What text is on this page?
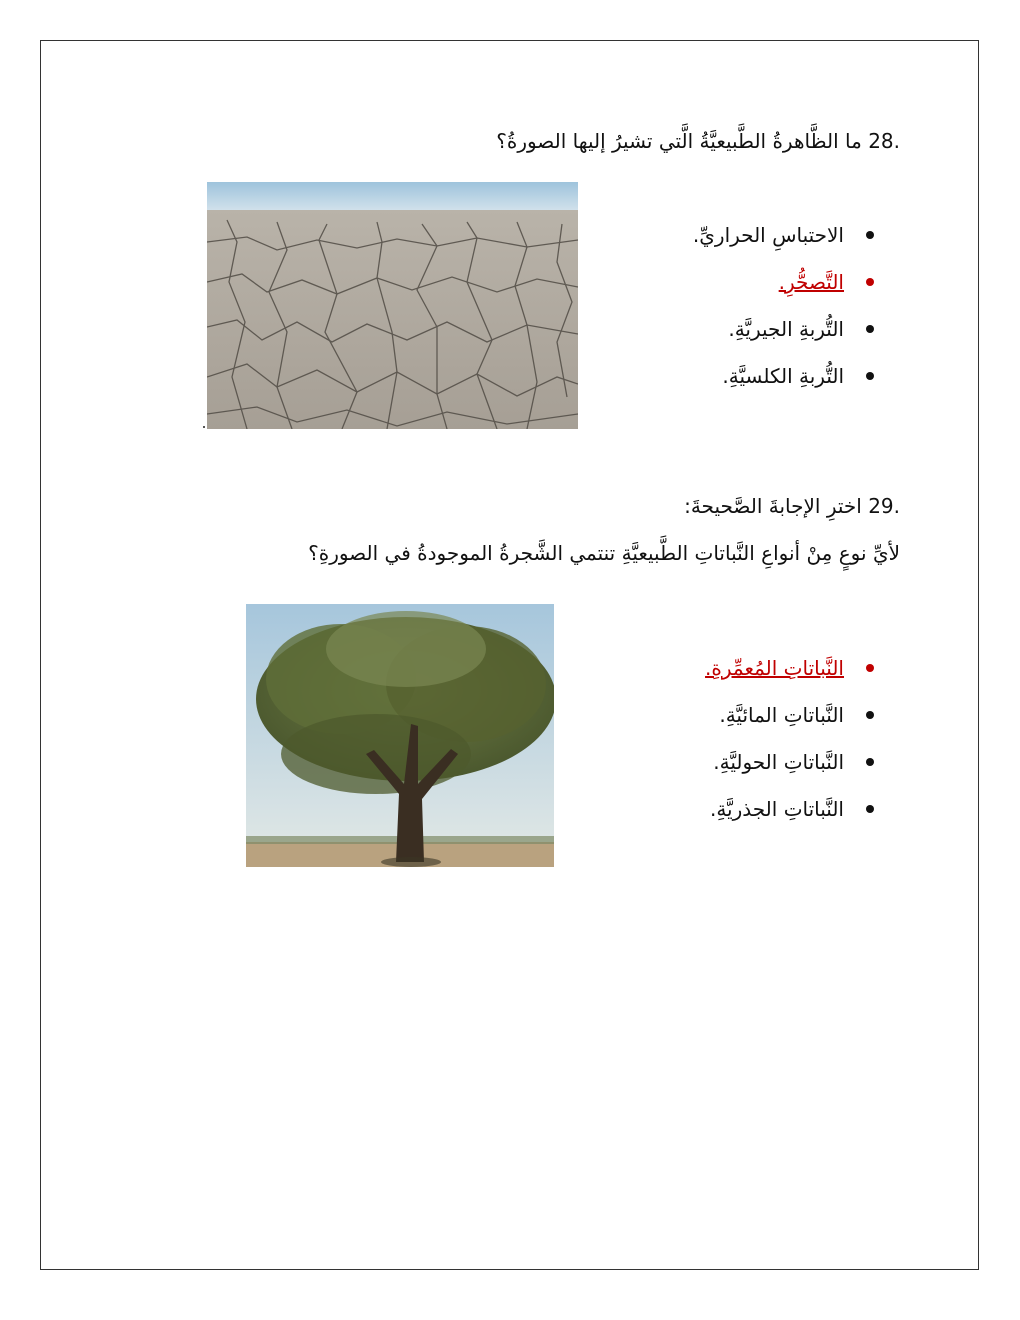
28. ما الظَّاهرةُ الطَّبيعيَّةُ الَّتي تشيرُ إليها الصورةُ؟
الاحتباسِ الحراريِّ.
التَّصحُّرِ.
التُّربةِ الجيريَّةِ.
التُّربةِ الكلسيَّةِ.
29. اخترِ الإجابةَ الصَّحيحةَ:
لأيِّ نوعٍ مِنْ أنواعِ النَّباتاتِ الطَّبيعيَّةِ تنتمي الشَّجرةُ الموجودةُ في الصورةِ؟
النَّباتاتِ المُعمِّرةِ.
النَّباتاتِ المائيَّةِ.
النَّباتاتِ الحوليَّةِ.
النَّباتاتِ الجذريَّةِ.
